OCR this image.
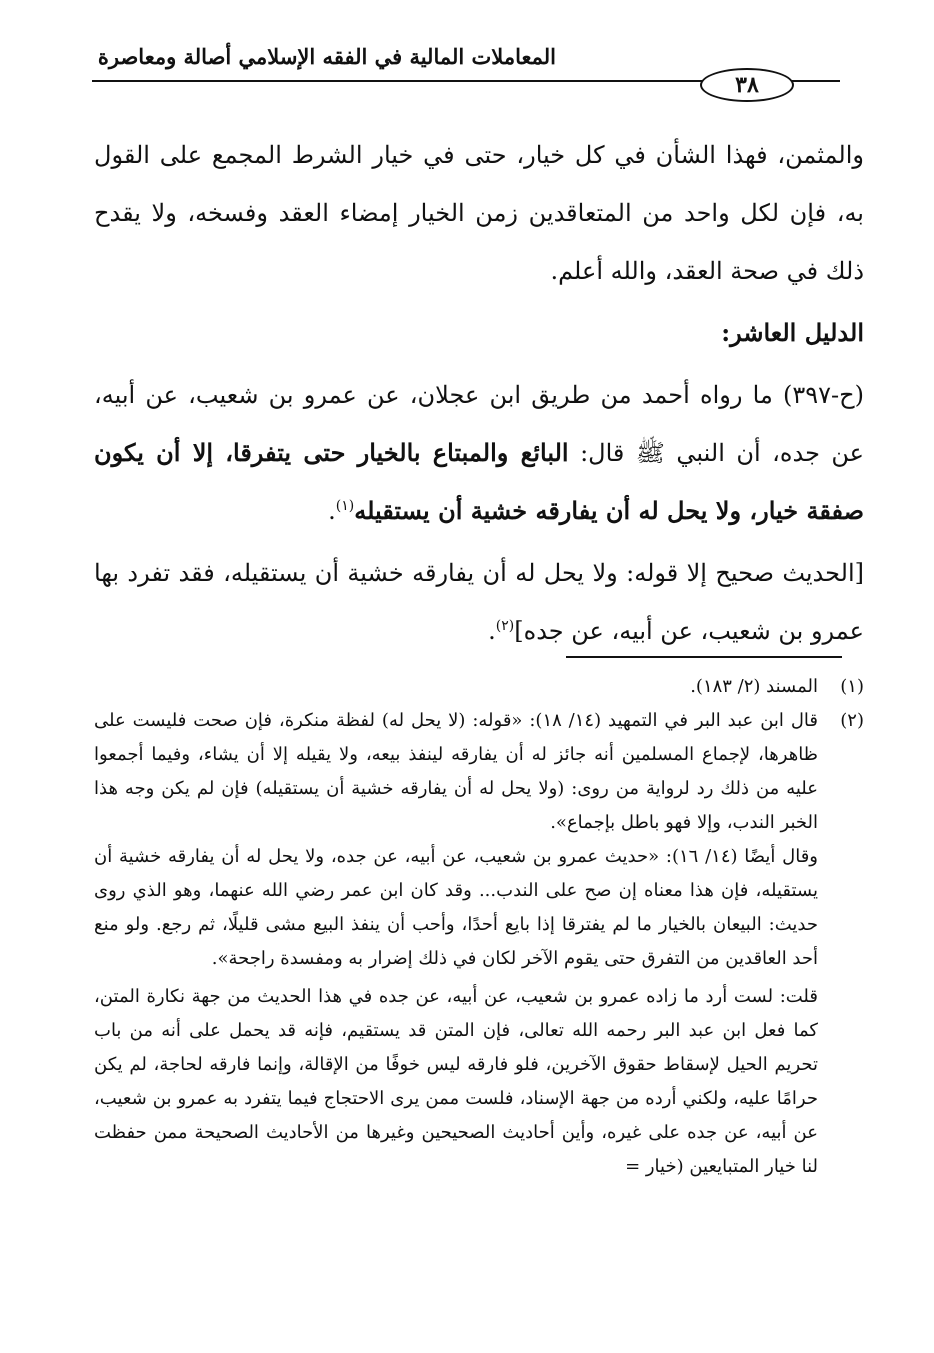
المعاملات المالية في الفقه الإسلامي أصالة ومعاصرة
٣٨

والمثمن، فهذا الشأن في كل خيار، حتى في خيار الشرط المجمع على القول به، فإن لكل واحد من المتعاقدين زمن الخيار إمضاء العقد وفسخه، ولا يقدح ذلك في صحة العقد، والله أعلم.

الدليل العاشر:

(ح-٣٩٧) ما رواه أحمد من طريق ابن عجلان، عن عمرو بن شعيب، عن أبيه، عن جده، أن النبي ﷺ قال: البائع والمبتاع بالخيار حتى يتفرقا، إلا أن يكون صفقة خيار، ولا يحل له أن يفارقه خشية أن يستقيله$^{(١)}$.

[الحديث صحيح إلا قوله: ولا يحل له أن يفارقه خشية أن يستقيله، فقد تفرد بها عمرو بن شعيب، عن أبيه، عن جده]$^{(٢)}$.

(١)
المسند (٢/ ١٨٣).
(٢)
قال ابن عبد البر في التمهيد (١٤/ ١٨): «قوله: (لا يحل له) لفظة منكرة، فإن صحت فليست على ظاهرها، لإجماع المسلمين أنه جائز له أن يفارقه لينفذ بيعه، ولا يقيله إلا أن يشاء، وفيما أجمعوا عليه من ذلك رد لرواية من روى: (ولا يحل له أن يفارقه خشية أن يستقيله) فإن لم يكن وجه هذا الخبر الندب، وإلا فهو باطل بإجماع».

وقال أيضًا (١٤/ ١٦): «حديث عمرو بن شعيب، عن أبيه، عن جده، ولا يحل له أن يفارقه خشية أن يستقيله، فإن هذا معناه إن صح على الندب... وقد كان ابن عمر رضي الله عنهما، وهو الذي روى حديث: البيعان بالخيار ما لم يفترقا إذا بايع أحدًا، وأحب أن ينفذ البيع مشى قليلًا، ثم رجع. ولو منع أحد العاقدين من التفرق حتى يقوم الآخر لكان في ذلك إضرار به ومفسدة راجحة».

قلت: لست أرد ما زاده عمرو بن شعيب، عن أبيه، عن جده في هذا الحديث من جهة نكارة المتن، كما فعل ابن عبد البر رحمه الله تعالى، فإن المتن قد يستقيم، فإنه قد يحمل على أنه من باب تحريم الحيل لإسقاط حقوق الآخرين، فلو فارقه ليس خوفًا من الإقالة، وإنما فارقه لحاجة، لم يكن حرامًا عليه، ولكني أرده من جهة الإسناد، فلست ممن يرى الاحتجاج فيما يتفرد به عمرو بن شعيب، عن أبيه، عن جده على غيره، وأين أحاديث الصحيحين وغيرها من الأحاديث الصحيحة ممن حفظت لنا خيار المتبايعين (خيار =
